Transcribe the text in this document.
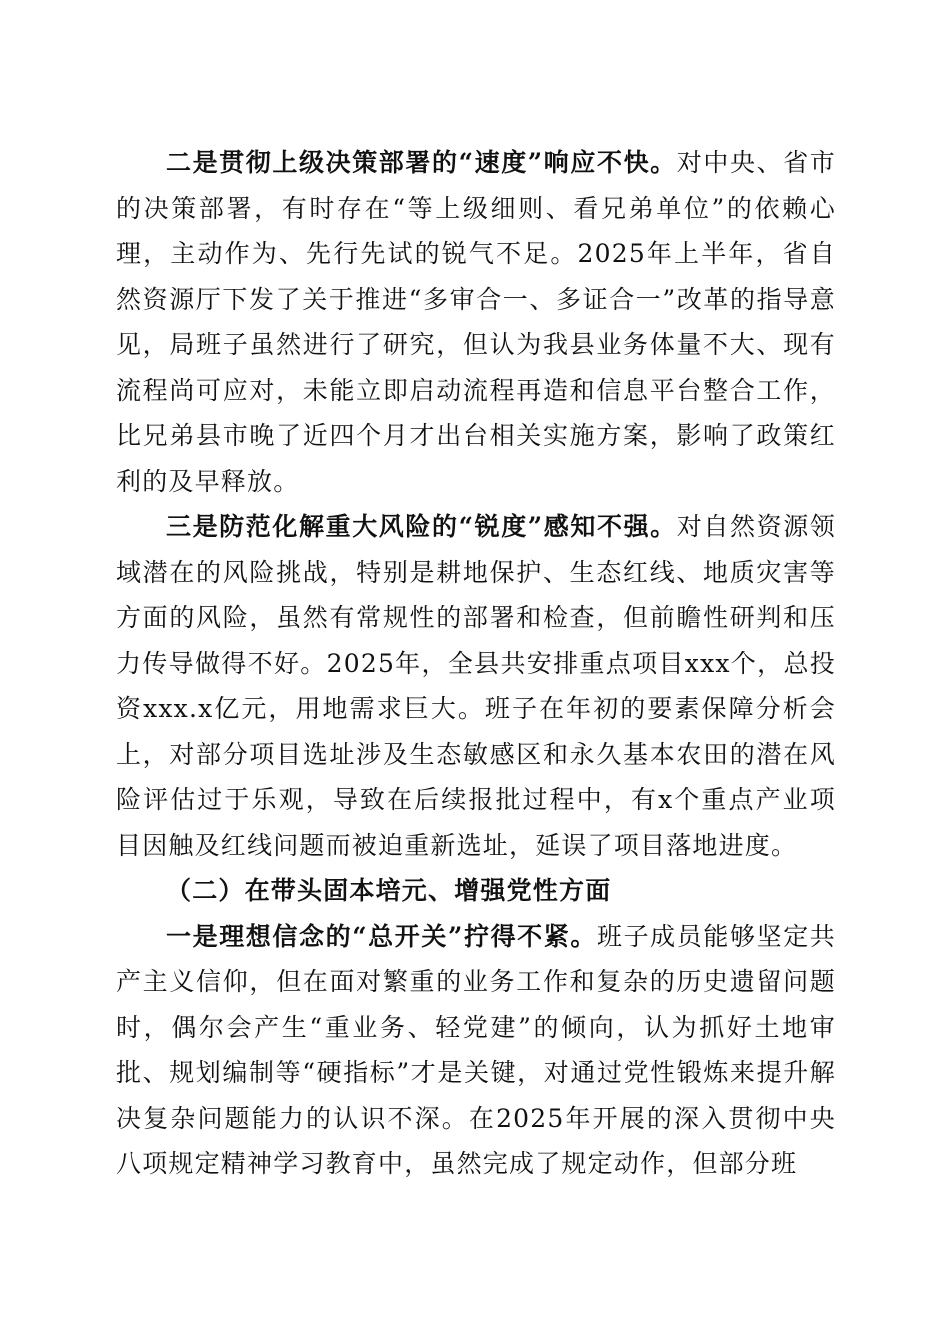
二是贯彻上级决策部署的“速度”响应不快。对中央、省市的决策部署，有时存在“等上级细则、看兄弟单位”的依赖心理，主动作为、先行先试的锐气不足。2025年上半年，省自然资源厅下发了关于推进“多审合一、多证合一”改革的指导意见，局班子虽然进行了研究，但认为我县业务体量不大、现有流程尚可应对，未能立即启动流程再造和信息平台整合工作，比兄弟县市晚了近四个月才出台相关实施方案，影响了政策红利的及早释放。

三是防范化解重大风险的“锐度”感知不强。对自然资源领域潜在的风险挑战，特别是耕地保护、生态红线、地质灾害等方面的风险，虽然有常规性的部署和检查，但前瞻性研判和压力传导做得不好。2025年，全县共安排重点项目xxx个，总投资xxx.x亿元，用地需求巨大。班子在年初的要素保障分析会上，对部分项目选址涉及生态敏感区和永久基本农田的潜在风险评估过于乐观，导致在后续报批过程中，有x个重点产业项目因触及红线问题而被迫重新选址，延误了项目落地进度。

（二）在带头固本培元、增强党性方面

一是理想信念的“总开关”拧得不紧。班子成员能够坚定共产主义信仰，但在面对繁重的业务工作和复杂的历史遗留问题时，偶尔会产生“重业务、轻党建”的倾向，认为抓好土地审批、规划编制等“硬指标”才是关键，对通过党性锻炼来提升解决复杂问题能力的认识不深。在2025年开展的深入贯彻中央八项规定精神学习教育中，虽然完成了规定动作，但部分班
